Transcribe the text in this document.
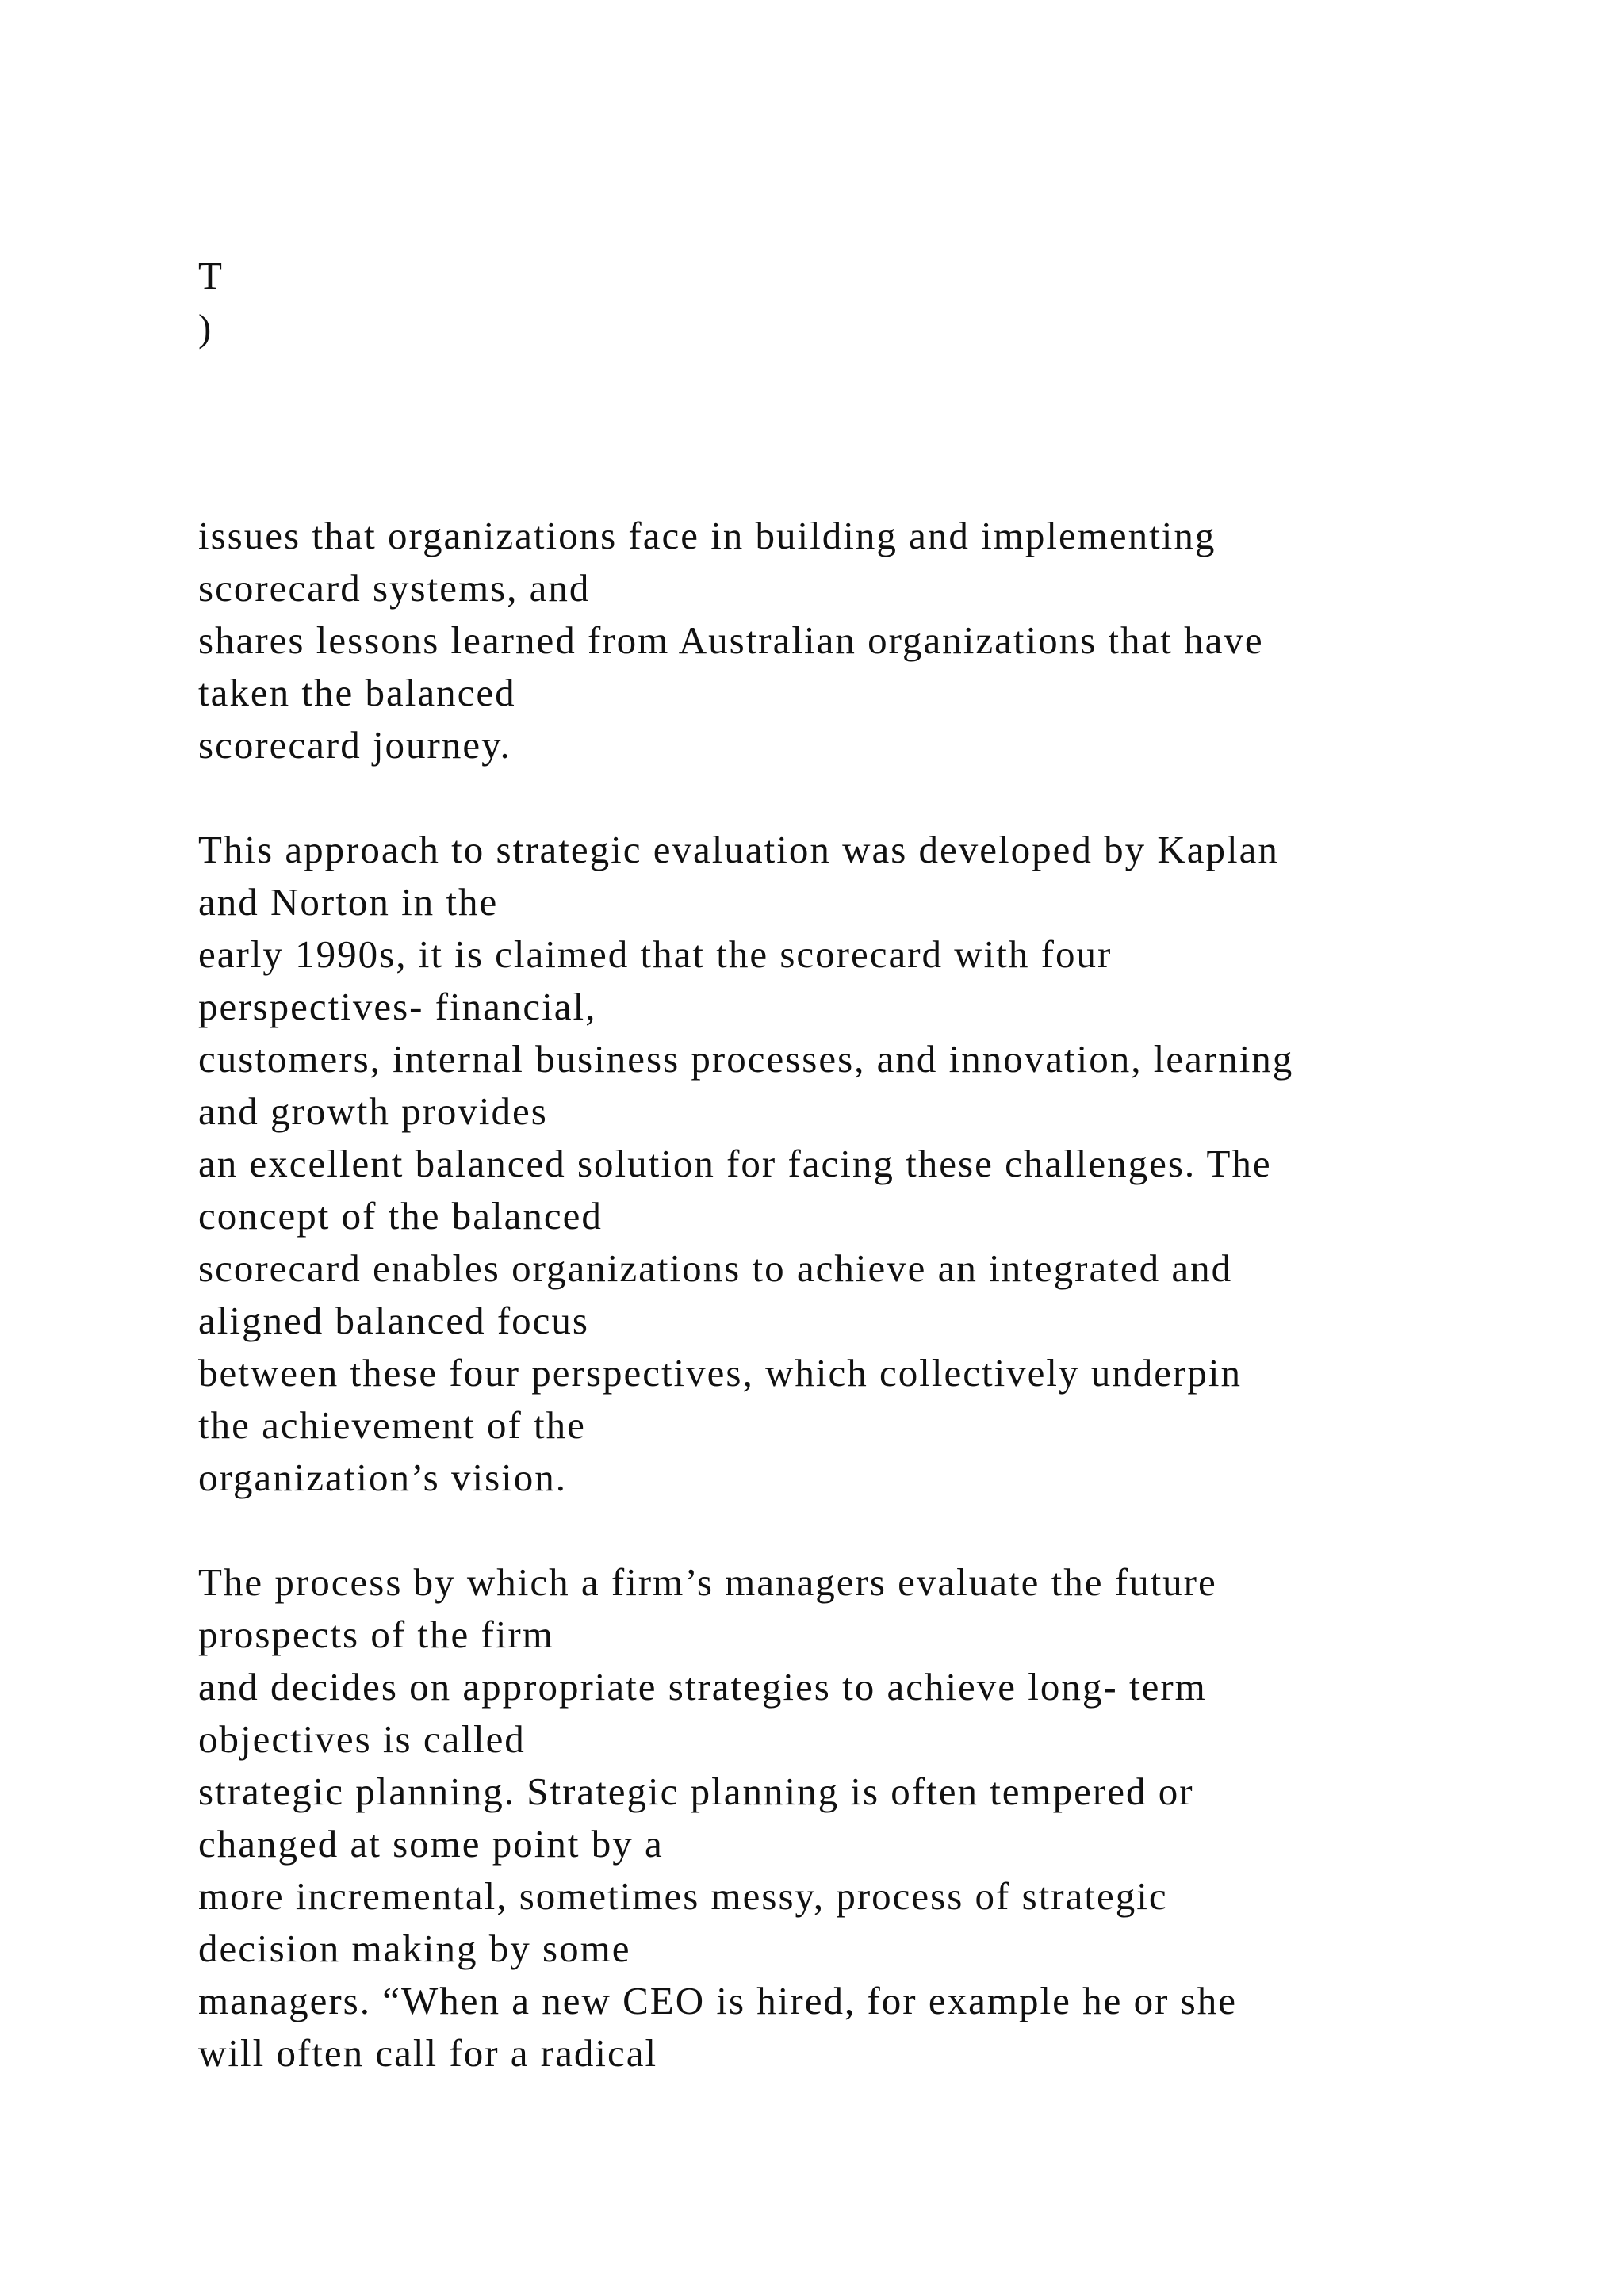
T
)
issues that organizations face in building and implementing
scorecard systems, and
shares lessons learned from Australian organizations that have
taken the balanced
scorecard journey.
This approach to strategic evaluation was developed by Kaplan
and Norton in the
early 1990s, it is claimed that the scorecard with four
perspectives- financial,
customers, internal business processes, and innovation, learning
and growth provides
an excellent balanced solution for facing these challenges. The
concept of the balanced
scorecard enables organizations to achieve an integrated and
aligned balanced focus
between these four perspectives, which collectively underpin
the achievement of the
organization’s vision.
The process by which a firm’s managers evaluate the future
prospects of the firm
and decides on appropriate strategies to achieve long- term
objectives is called
strategic planning. Strategic planning is often tempered or
changed at some point by a
more incremental, sometimes messy, process of strategic
decision making by some
managers. “When a new CEO is hired, for example he or she
will often call for a radical
